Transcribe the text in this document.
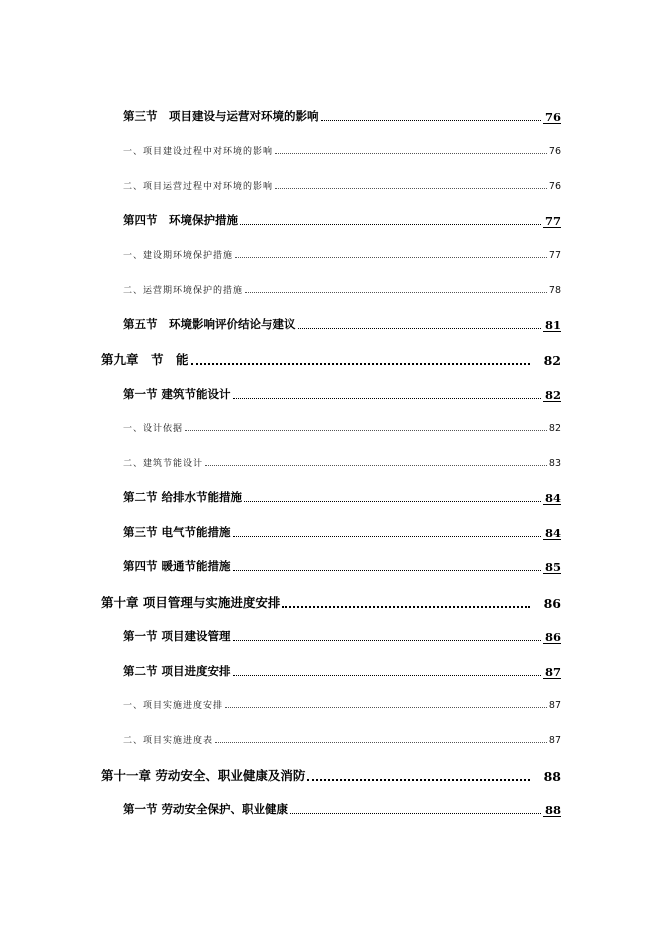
第三节　项目建设与运营对环境的影响	76
一、项目建设过程中对环境的影响	76
二、项目运营过程中对环境的影响	76
第四节　环境保护措施	77
一、建设期环境保护措施	77
二、运营期环境保护的措施	78
第五节　环境影响评价结论与建议	81
第九章　节　能	82
第一节 建筑节能设计	82
一、设计依据	82
二、建筑节能设计	83
第二节 给排水节能措施	84
第三节 电气节能措施	84
第四节 暖通节能措施	85
第十章 项目管理与实施进度安排	86
第一节 项目建设管理	86
第二节 项目进度安排	87
一、项目实施进度安排	87
二、项目实施进度表	87
第十一章 劳动安全、职业健康及消防	88
第一节 劳动安全保护、职业健康	88
